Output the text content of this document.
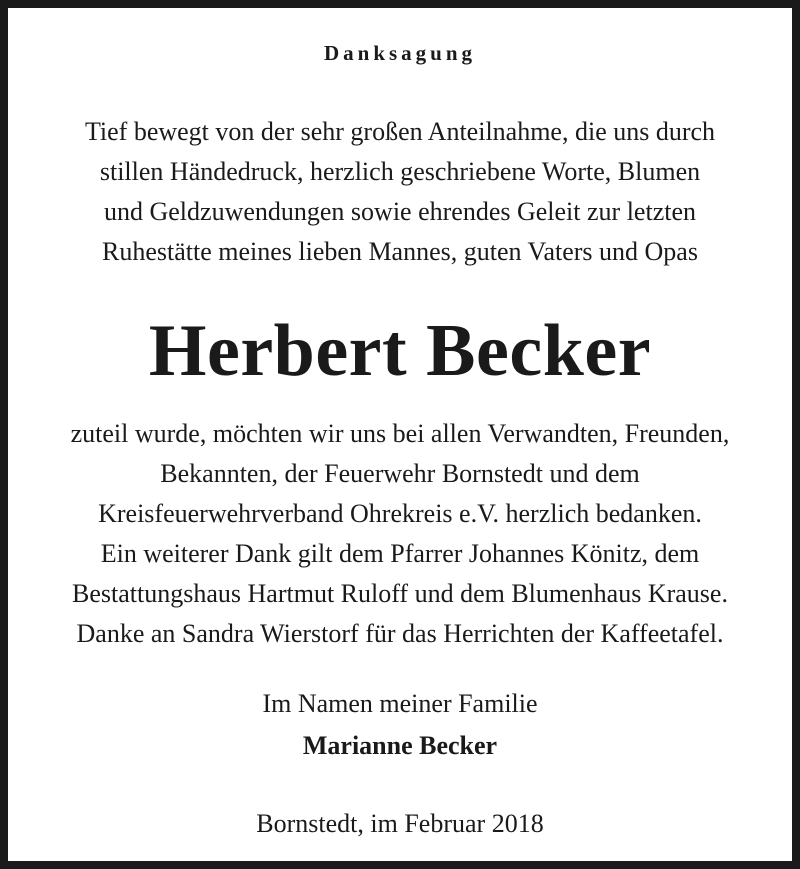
Danksagung
Tief bewegt von der sehr großen Anteilnahme, die uns durch
stillen Händedruck, herzlich geschriebene Worte, Blumen
und Geldzuwendungen sowie ehrendes Geleit zur letzten
Ruhestätte meines lieben Mannes, guten Vaters und Opas
Herbert Becker
zuteil wurde, möchten wir uns bei allen Verwandten, Freunden,
Bekannten, der Feuerwehr Bornstedt und dem
Kreisfeuerwehrverband Ohrekreis e.V. herzlich bedanken.
Ein weiterer Dank gilt dem Pfarrer Johannes Könitz, dem
Bestattungshaus Hartmut Ruloff und dem Blumenhaus Krause.
Danke an Sandra Wierstorf für das Herrichten der Kaffeetafel.
Im Namen meiner Familie
Marianne Becker
Bornstedt, im Februar 2018
